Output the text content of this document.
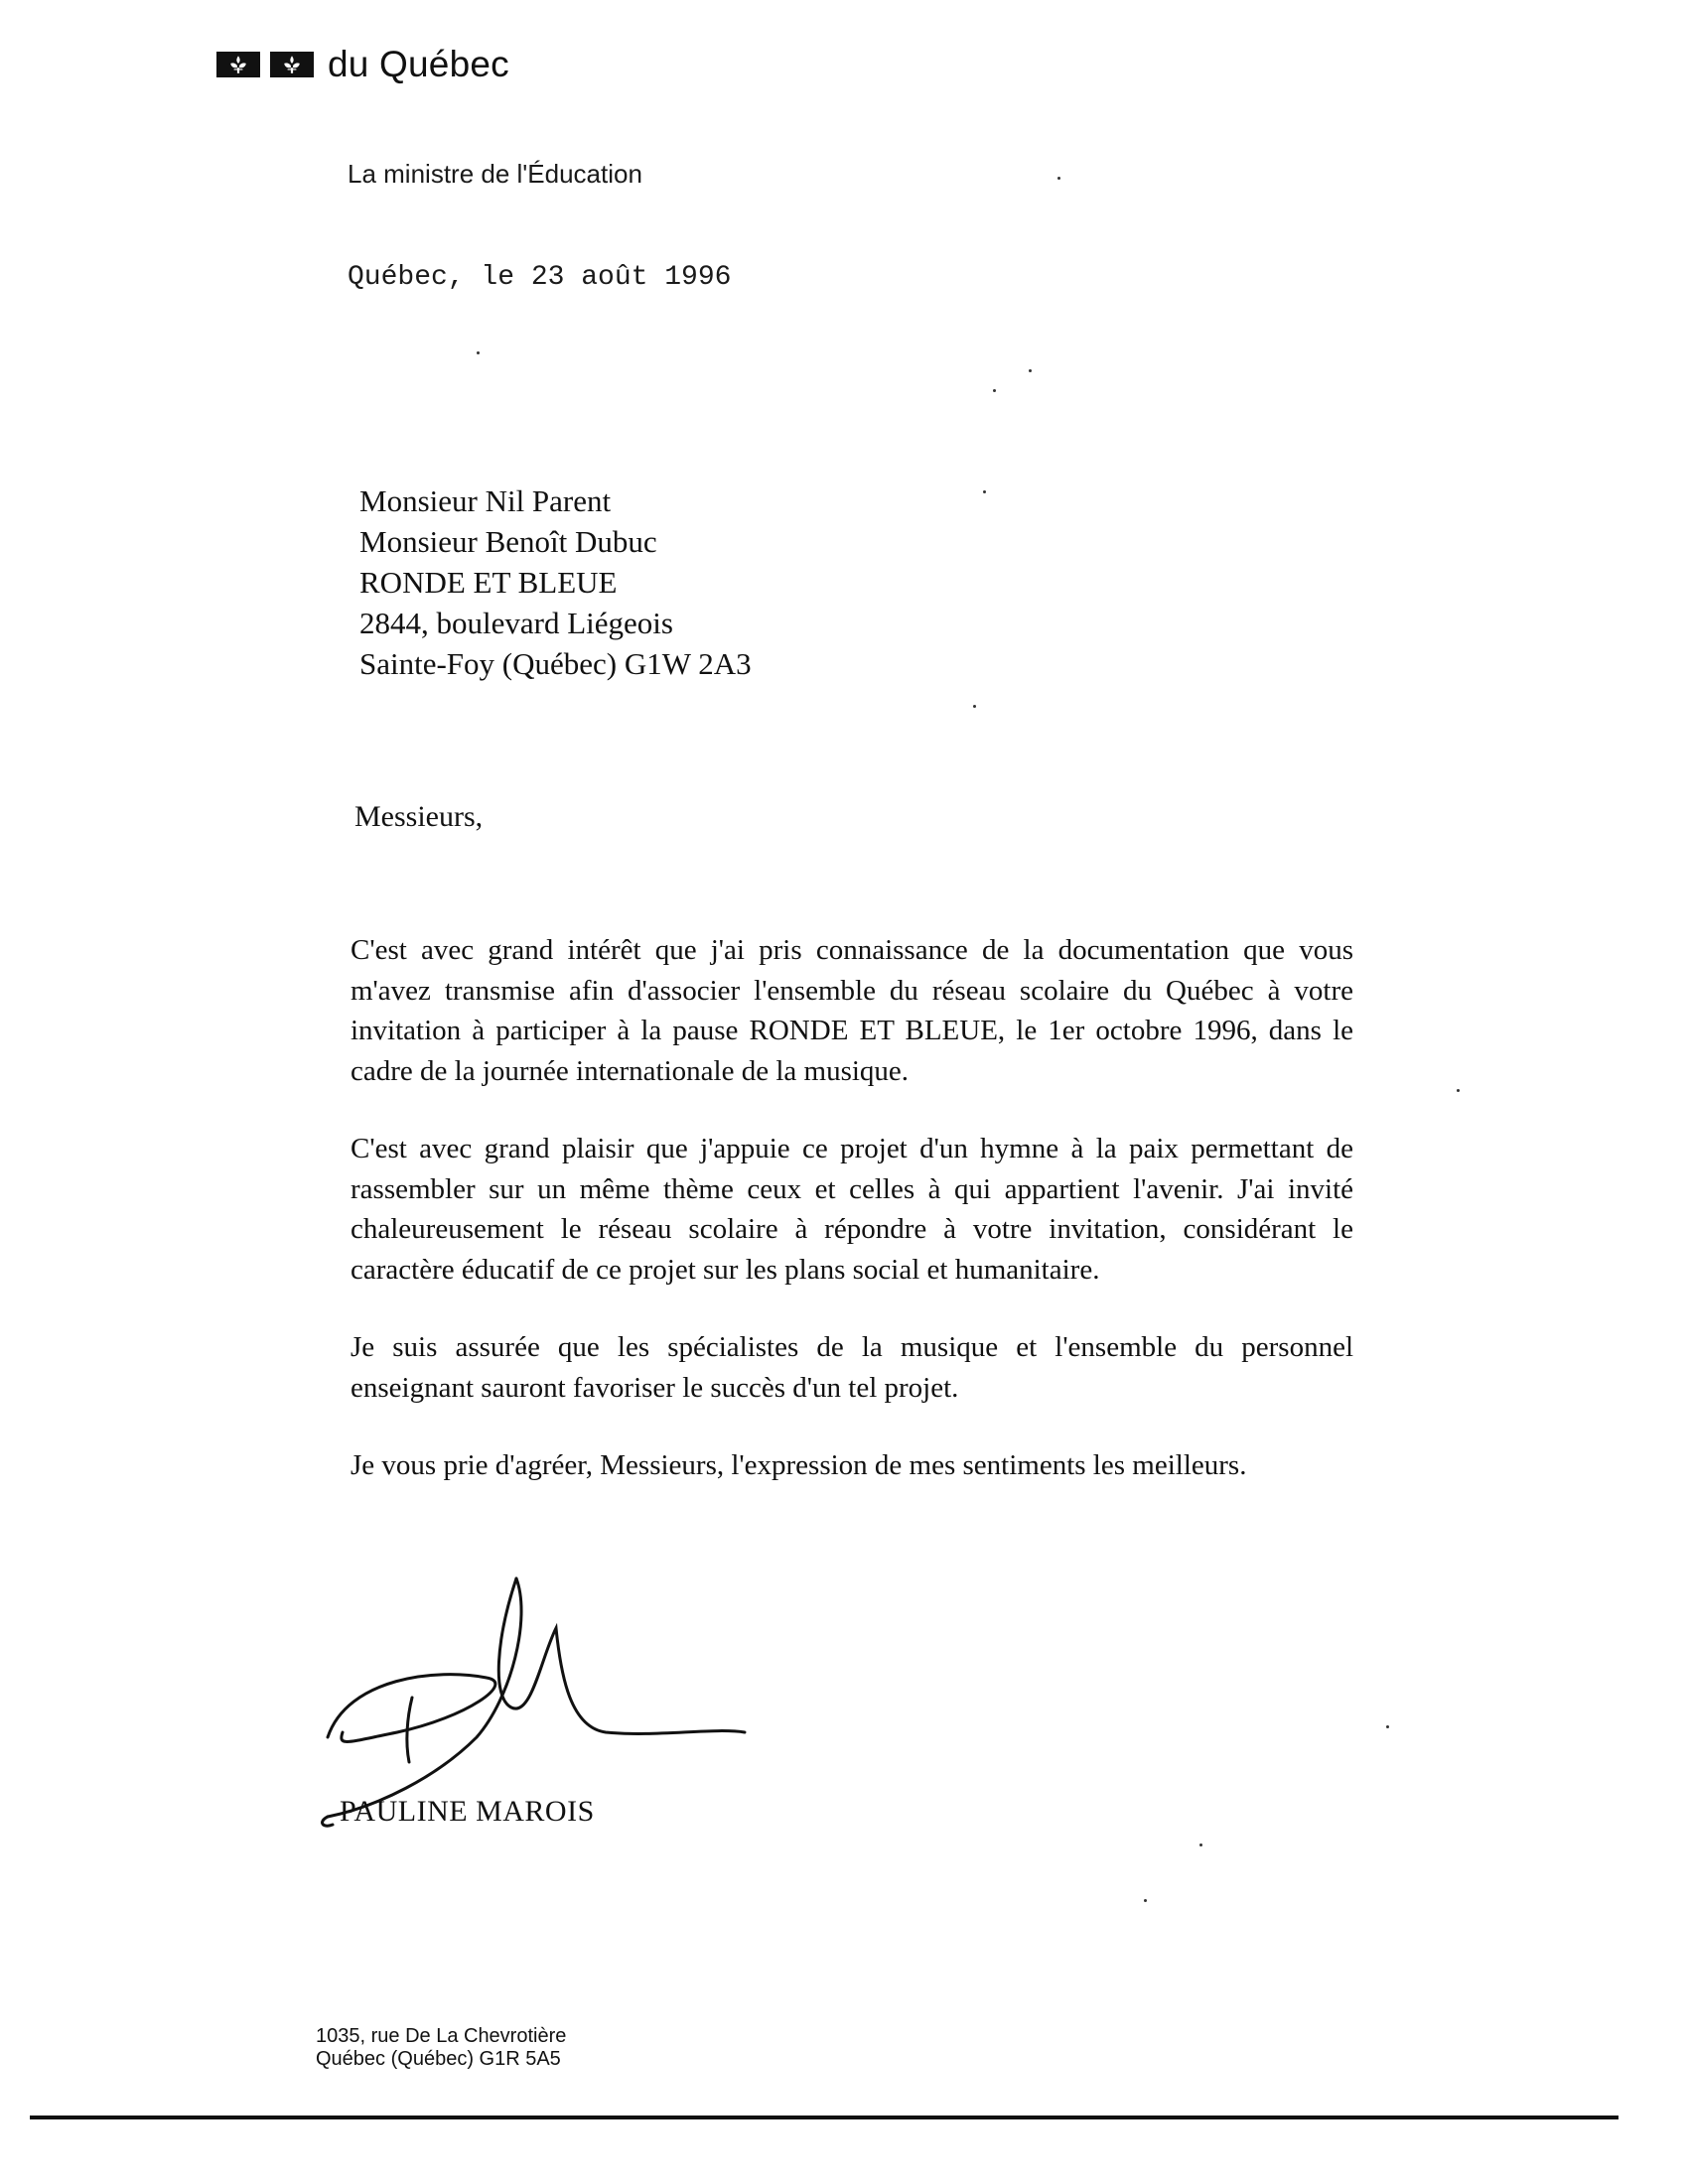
du Québec
La ministre de l'Éducation
Québec, le 23 août 1996
Monsieur Nil Parent
Monsieur Benoît Dubuc
RONDE ET BLEUE
2844, boulevard Liégeois
Sainte-Foy (Québec) G1W 2A3
Messieurs,

C'est avec grand intérêt que j'ai pris connaissance de la documentation que vous m'avez transmise afin d'associer l'ensemble du réseau scolaire du Québec à votre invitation à participer à la pause RONDE ET BLEUE, le 1er octobre 1996, dans le cadre de la journée internationale de la musique.

C'est avec grand plaisir que j'appuie ce projet d'un hymne à la paix permettant de rassembler sur un même thème ceux et celles à qui appartient l'avenir. J'ai invité chaleureusement le réseau scolaire à répondre à votre invitation, considérant le caractère éducatif de ce projet sur les plans social et humanitaire.

Je suis assurée que les spécialistes de la musique et l'ensemble du personnel enseignant sauront favoriser le succès d'un tel projet.

Je vous prie d'agréer, Messieurs, l'expression de mes sentiments les meilleurs.

PAULINE MAROIS
1035, rue De La Chevrotière
Québec (Québec) G1R 5A5
